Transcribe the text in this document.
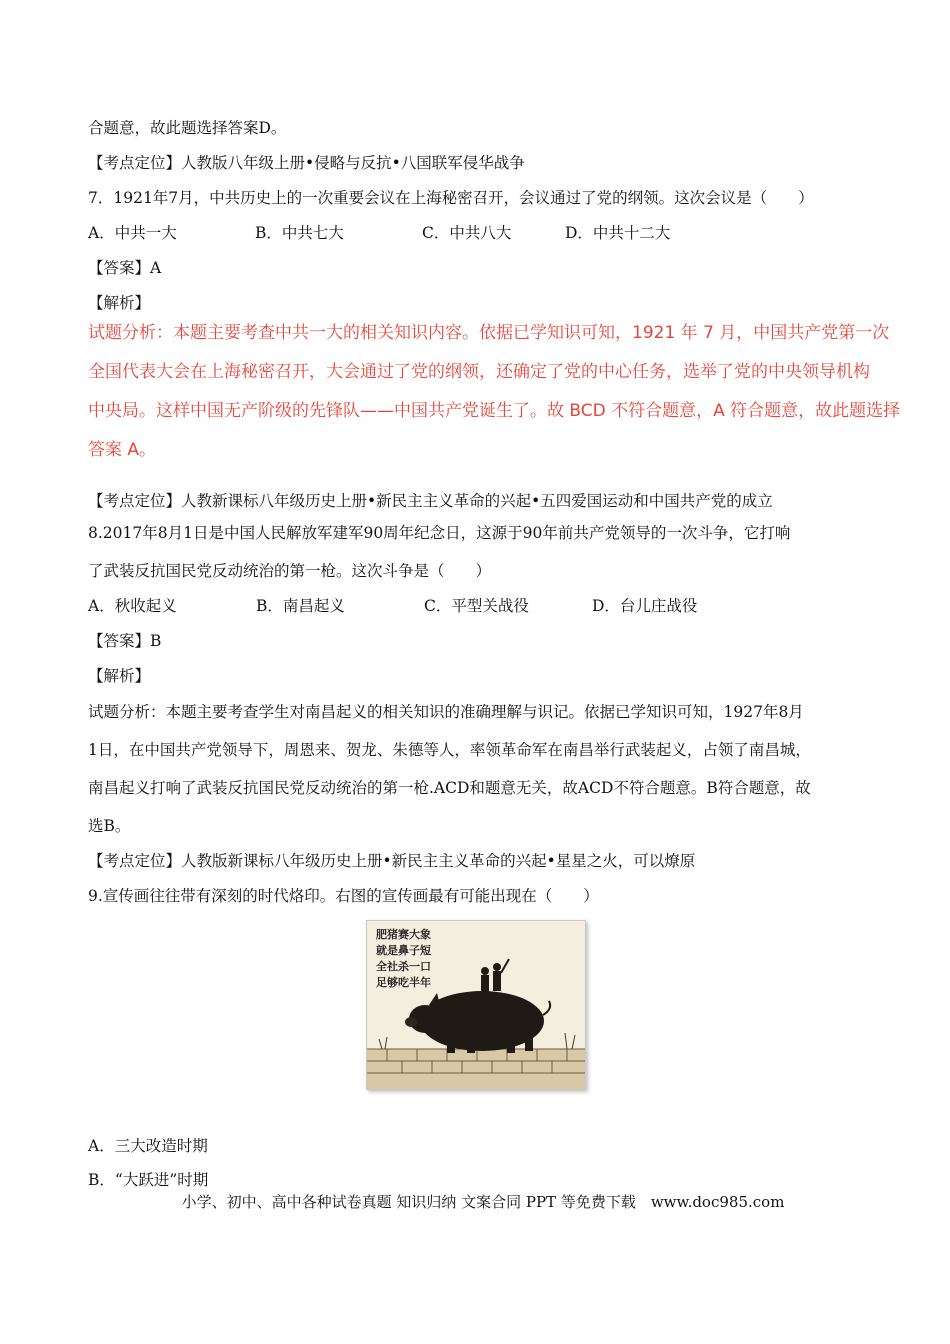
合题意，故此题选择答案D。
【考点定位】人教版八年级上册•侵略与反抗•八国联军侵华战争
7．1921年7月，中共历史上的一次重要会议在上海秘密召开，会议通过了党的纲领。这次会议是（　　）
A．中共一大	B．中共七大	C．中共八大	D．中共十二大
【答案】A
【解析】
试题分析：本题主要考查中共一大的相关知识内容。依据已学知识可知，1921 年 7 月，中国共产党第一次
全国代表大会在上海秘密召开，大会通过了党的纲领，还确定了党的中心任务，选举了党的中央领导机构
中央局。这样中国无产阶级的先锋队——中国共产党诞生了。故 BCD 不符合题意，A 符合题意，故此题选择
答案 A。
【考点定位】人教新课标八年级历史上册•新民主主义革命的兴起•五四爱国运动和中国共产党的成立
8.2017年8月1日是中国人民解放军建军90周年纪念日，这源于90年前共产党领导的一次斗争，它打响
了武装反抗国民党反动统治的第一枪。这次斗争是（　　）
A．秋收起义	B．南昌起义	C．平型关战役	D．台儿庄战役
【答案】B
【解析】
试题分析：本题主要考查学生对南昌起义的相关知识的准确理解与识记。依据已学知识可知，1927年8月
1日，在中国共产党领导下，周恩来、贺龙、朱德等人，率领革命军在南昌举行武装起义，占领了南昌城，
南昌起义打响了武装反抗国民党反动统治的第一枪.ACD和题意无关，故ACD不符合题意。B符合题意，故
选B。
【考点定位】人教版新课标八年级历史上册•新民主主义革命的兴起•星星之火，可以燎原
9.宣传画往往带有深刻的时代烙印。右图的宣传画最有可能出现在（　　）
肥猪赛大象
就是鼻子短
全社杀一口
足够吃半年
A．三大改造时期
B．“大跃进”时期
小学、初中、高中各种试卷真题 知识归纳 文案合同 PPT 等免费下载　www.doc985.com
